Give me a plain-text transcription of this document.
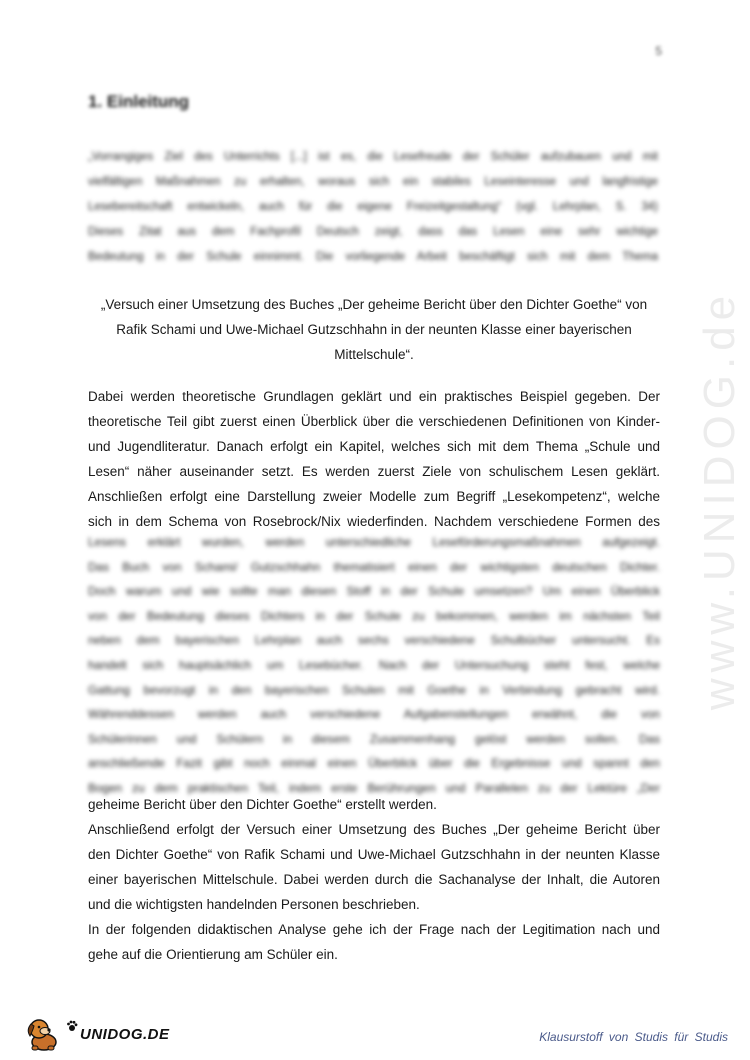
5
1. Einleitung

„Vorrangiges Ziel des Unterrichts [...] ist es, die Lesefreude der Schüler aufzubauen und mit
vielfältigen Maßnahmen zu erhalten, woraus sich ein stabiles Leseinteresse und langfristige
Lesebereitschaft entwickeln, auch für die eigene Freizeitgestaltung“ (vgl. Lehrplan, S. 34)
Dieses Zitat aus dem Fachprofil Deutsch zeigt, dass das Lesen eine sehr wichtige
Bedeutung in der Schule einnimmt. Die vorliegende Arbeit beschäftigt sich mit dem Thema

„Versuch einer Umsetzung des Buches „Der geheime Bericht über den Dichter Goethe“ von
Rafik Schami und Uwe-Michael Gutzschhahn in der neunten Klasse einer bayerischen
Mittelschule“.

Dabei werden theoretische Grundlagen geklärt und ein praktisches Beispiel gegeben. Der
theoretische Teil gibt zuerst einen Überblick über die verschiedenen Definitionen von Kinder-
und Jugendliteratur. Danach erfolgt ein Kapitel, welches sich mit dem Thema „Schule und
Lesen“ näher auseinander setzt. Es werden zuerst Ziele von schulischem Lesen geklärt.
Anschließen erfolgt eine Darstellung zweier Modelle zum Begriff „Lesekompetenz“, welche
sich in dem Schema von Rosebrock/Nix wiederfinden. Nachdem verschiedene Formen des

Lesens erklärt wurden, werden unterschiedliche Leseförderungsmaßnahmen aufgezeigt.
Das Buch von Schami/ Gutzschhahn thematisiert einen der wichtigsten deutschen Dichter.
Doch warum und wie sollte man diesen Stoff in der Schule umsetzen? Um einen Überblick
von der Bedeutung dieses Dichters in der Schule zu bekommen, werden im nächsten Teil
neben dem bayerischen Lehrplan auch sechs verschiedene Schulbücher untersucht. Es
handelt sich hauptsächlich um Lesebücher. Nach der Untersuchung steht fest, welche
Gattung bevorzugt in den bayerischen Schulen mit Goethe in Verbindung gebracht wird.
Währenddessen werden auch verschiedene Aufgabenstellungen erwähnt, die von
Schülerinnen und Schülern in diesem Zusammenhang gelöst werden sollen. Das
anschließende Fazit gibt noch einmal einen Überblick über die Ergebnisse und spannt den
Bogen zu dem praktischen Teil, indem erste Berührungen und Parallelen zu der Lektüre „Der

geheime Bericht über den Dichter Goethe“ erstellt werden.
Anschließend erfolgt der Versuch einer Umsetzung des Buches „Der geheime Bericht über
den Dichter Goethe“ von Rafik Schami und Uwe-Michael Gutzschhahn in der neunten Klasse
einer bayerischen Mittelschule. Dabei werden durch die Sachanalyse der Inhalt, die Autoren
und die wichtigsten handelnden Personen beschrieben.
In der folgenden didaktischen Analyse gehe ich der Frage nach der Legitimation nach und
gehe auf die Orientierung am Schüler ein.

www.UNIDOG.de
UNIDOG.DE	Klausurstoff von Studis für Studis
